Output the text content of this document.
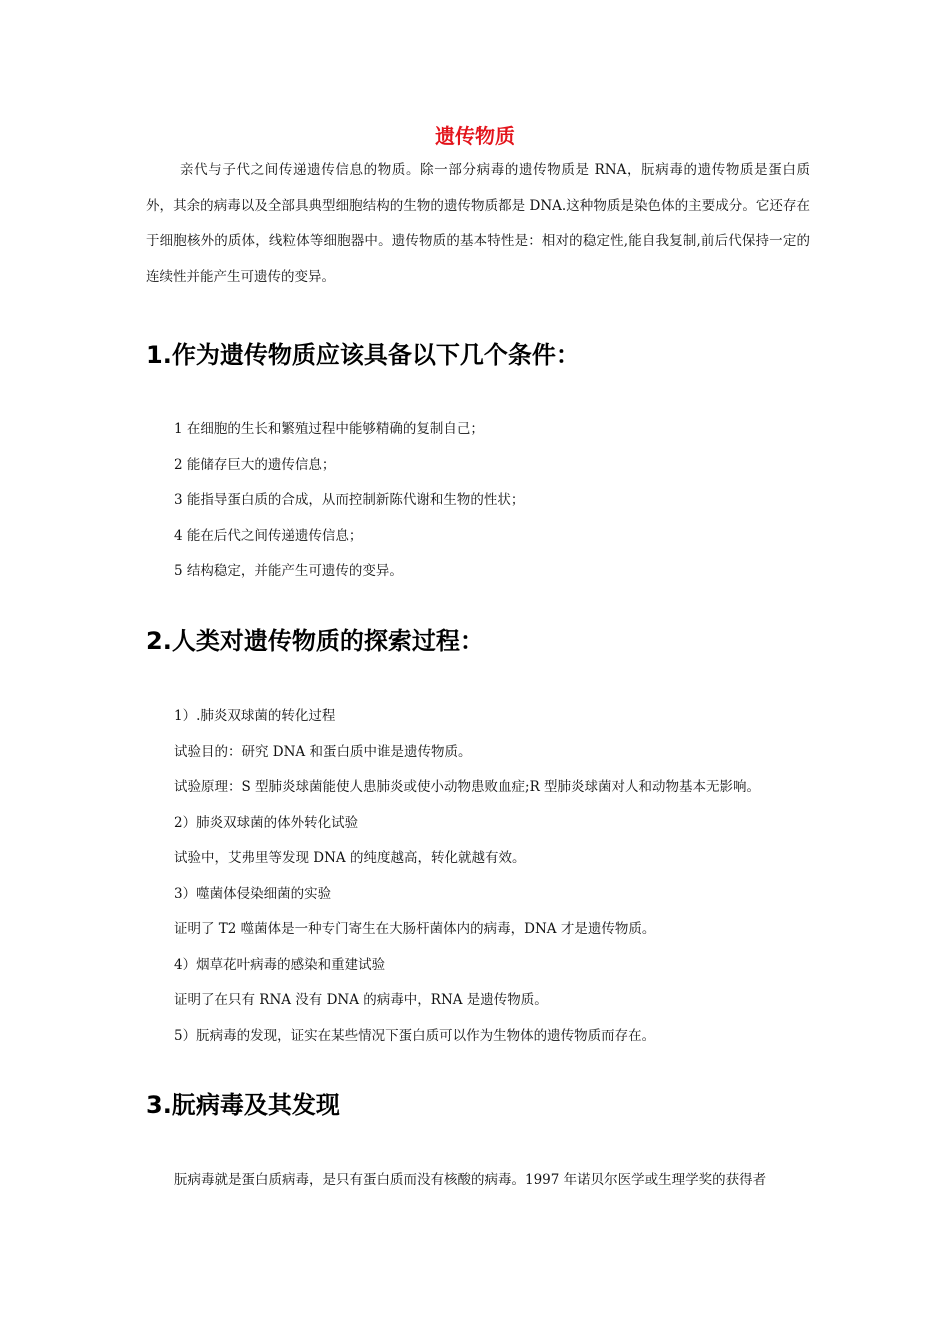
遗传物质

亲代与子代之间传递遗传信息的物质。除一部分病毒的遗传物质是 RNA，朊病毒的遗传物质是蛋白质外，其余的病毒以及全部具典型细胞结构的生物的遗传物质都是 DNA.这种物质是染色体的主要成分。它还存在于细胞核外的质体，线粒体等细胞器中。遗传物质的基本特性是：相对的稳定性,能自我复制,前后代保持一定的连续性并能产生可遗传的变异。

1.作为遗传物质应该具备以下几个条件：
1 在细胞的生长和繁殖过程中能够精确的复制自己；
2 能储存巨大的遗传信息；
3 能指导蛋白质的合成，从而控制新陈代谢和生物的性状；
4 能在后代之间传递遗传信息；
5 结构稳定，并能产生可遗传的变异。
2.人类对遗传物质的探索过程：
1）.肺炎双球菌的转化过程
试验目的：研究 DNA 和蛋白质中谁是遗传物质。
试验原理：S 型肺炎球菌能使人患肺炎或使小动物患败血症;R 型肺炎球菌对人和动物基本无影响。
2）肺炎双球菌的体外转化试验
试验中，艾弗里等发现 DNA 的纯度越高，转化就越有效。
3）噬菌体侵染细菌的实验
证明了 T2 噬菌体是一种专门寄生在大肠杆菌体内的病毒，DNA 才是遗传物质。
4）烟草花叶病毒的感染和重建试验
证明了在只有 RNA 没有 DNA 的病毒中，RNA 是遗传物质。
5）朊病毒的发现，证实在某些情况下蛋白质可以作为生物体的遗传物质而存在。
3.朊病毒及其发现

朊病毒就是蛋白质病毒，是只有蛋白质而没有核酸的病毒。1997 年诺贝尔医学或生理学奖的获得者
